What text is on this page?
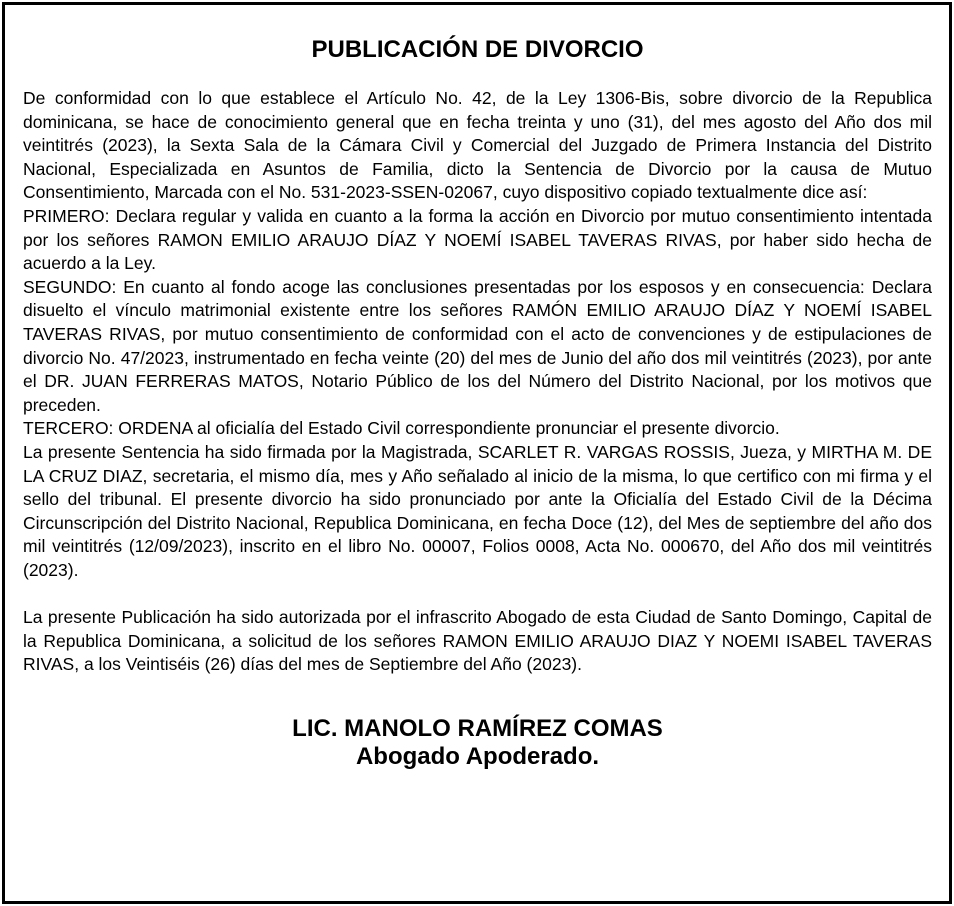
PUBLICACIÓN DE DIVORCIO

De conformidad con lo que establece el Artículo No. 42, de la Ley 1306-Bis, sobre divorcio de la Republica dominicana, se hace de conocimiento general que en fecha treinta y uno (31), del mes agosto del Año dos mil veintitrés (2023), la Sexta Sala de la Cámara Civil y Comercial del Juzgado de Primera Instancia del Distrito Nacional, Especializada en Asuntos de Familia, dicto la Sentencia de Divorcio por la causa de Mutuo Consentimiento, Marcada con el No. 531-2023-SSEN-02067, cuyo dispositivo copiado textualmente dice así:

PRIMERO: Declara regular y valida en cuanto a la forma la acción en Divorcio por mutuo consentimiento intentada por los señores RAMON EMILIO ARAUJO DÍAZ Y NOEMÍ ISABEL TAVERAS RIVAS, por haber sido hecha de acuerdo a la Ley.

SEGUNDO: En cuanto al fondo acoge las conclusiones presentadas por los esposos y en consecuencia: Declara disuelto el vínculo matrimonial existente entre los señores RAMÓN EMILIO ARAUJO DÍAZ Y NOEMÍ ISABEL TAVERAS RIVAS, por mutuo consentimiento de conformidad con el acto de convenciones y de estipulaciones de divorcio No. 47/2023, instrumentado en fecha veinte (20) del mes de Junio del año dos mil veintitrés (2023), por ante el DR. JUAN FERRERAS MATOS, Notario Público de los del Número del Distrito Nacional, por los motivos que preceden.

TERCERO: ORDENA al oficialía del Estado Civil correspondiente pronunciar el presente divorcio.

La presente Sentencia ha sido firmada por la Magistrada, SCARLET R. VARGAS ROSSIS, Jueza, y MIRTHA M. DE LA CRUZ DIAZ, secretaria, el mismo día, mes y Año señalado al inicio de la misma, lo que certifico con mi firma y el sello del tribunal. El presente divorcio ha sido pronunciado por ante la Oficialía del Estado Civil de la Décima Circunscripción del Distrito Nacional, Republica Dominicana, en fecha Doce (12), del Mes de septiembre del año dos mil veintitrés (12/09/2023), inscrito en el libro No. 00007, Folios 0008, Acta No. 000670, del Año dos mil veintitrés (2023).

La presente Publicación ha sido autorizada por el infrascrito Abogado de esta Ciudad de Santo Domingo, Capital de la Republica Dominicana, a solicitud de los señores RAMON EMILIO ARAUJO DIAZ Y NOEMI ISABEL TAVERAS RIVAS, a los Veintiséis (26) días del mes de Septiembre del Año (2023).

LIC. MANOLO RAMÍREZ COMAS
Abogado Apoderado.
